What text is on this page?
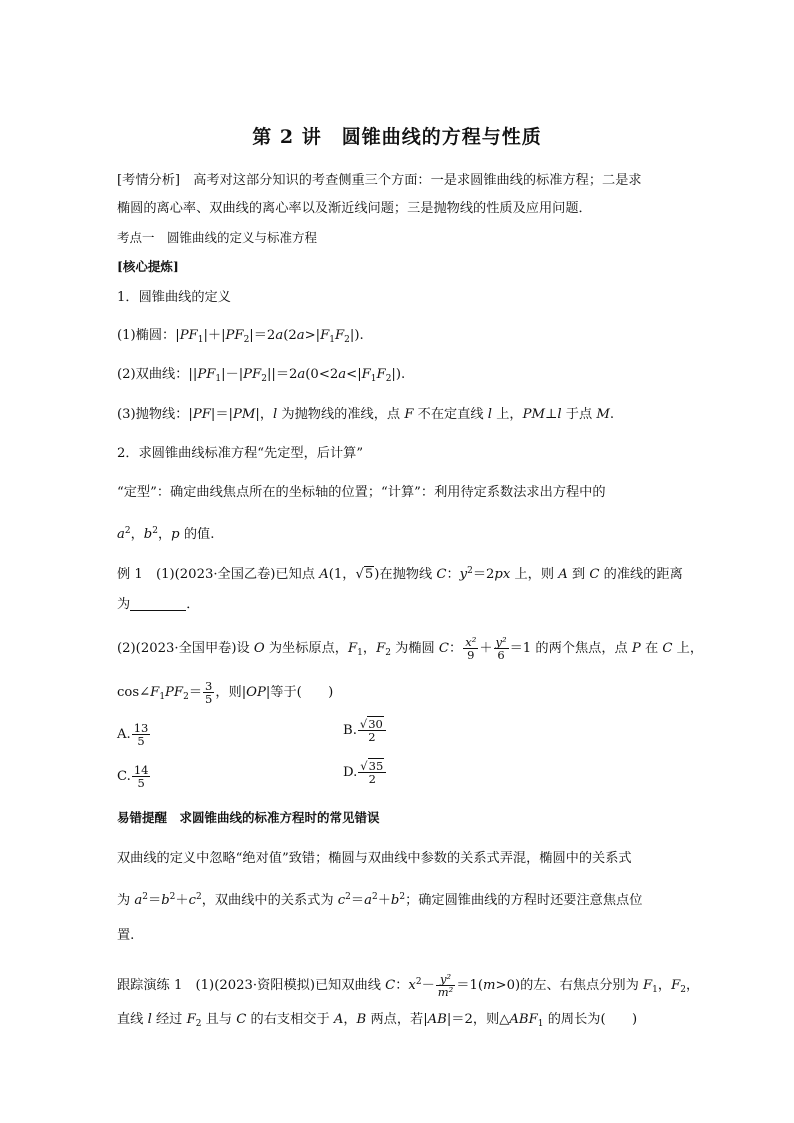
第 2 讲　圆锥曲线的方程与性质
[考情分析]　 高考对这部分知识的考查侧重三个方面：一是求圆锥曲线的标准方程；二是求
椭圆的离心率、双曲线的离心率以及渐近线问题；三是抛物线的性质及应用问题．
考点一　圆锥曲线的定义与标准方程
[核心提炼]
1．圆锥曲线的定义
(1)椭圆：$|PF_1|+|PF_2|=2a(2a>|F_1F_2|)$.
(2)双曲线：$||PF_1|-|PF_2||=2a(0<2a<|F_1F_2|)$.
(3)抛物线：|PF|＝|PM|，l 为抛物线的准线，点 F 不在定直线 l 上，PM⊥l 于点 M.
2．求圆锥曲线标准方程“先定型，后计算”
“定型”：确定曲线焦点所在的坐标轴的位置；“计算”：利用待定系数法求出方程中的
$a^2$，$b^2$，p 的值.
例 1　(1)(2023·全国乙卷)已知点 A(1，√5)在抛物线 C：$y^2=2px$ 上，则 A 到 C 的准线的距离
为	．
(2)(2023·全国甲卷)设 O 为坐标原点，$F_1$，$F_2$ 为椭圆 C： $\frac{\text{x²}}{9} + \frac{\text{y²}}{6} =1$ 的两个焦点，点 P 在 C 上，
$\cos\angle F_1PF_2= \frac{3}{5}$ ，则|OP|等于(　　)
A. $\frac{13}{5}$	B. $\frac{√30}{2}$
C. $\frac{14}{5}$	D. $\frac{√35}{2}$
易错提醒　求圆锥曲线的标准方程时的常见错误
双曲线的定义中忽略“绝对值”致错；椭圆与双曲线中参数的关系式弄混，椭圆中的关系式
为 $a^2=b^2+c^2$，双曲线中的关系式为 $c^2=a^2+b^2$；确定圆锥曲线的方程时还要注意焦点位
置.
跟踪演练 1　(1)(2023·资阳模拟)已知双曲线 C：$x^2- \frac{\text{y²}}{\text{m²}} =1(m>0)$的左、右焦点分别为 $F_1$，$F_2$，
直线 l 经过 $F_2$ 且与 C 的右支相交于 A，B 两点，若|AB|＝2，则$\triangle ABF_1$ 的周长为(　　)
